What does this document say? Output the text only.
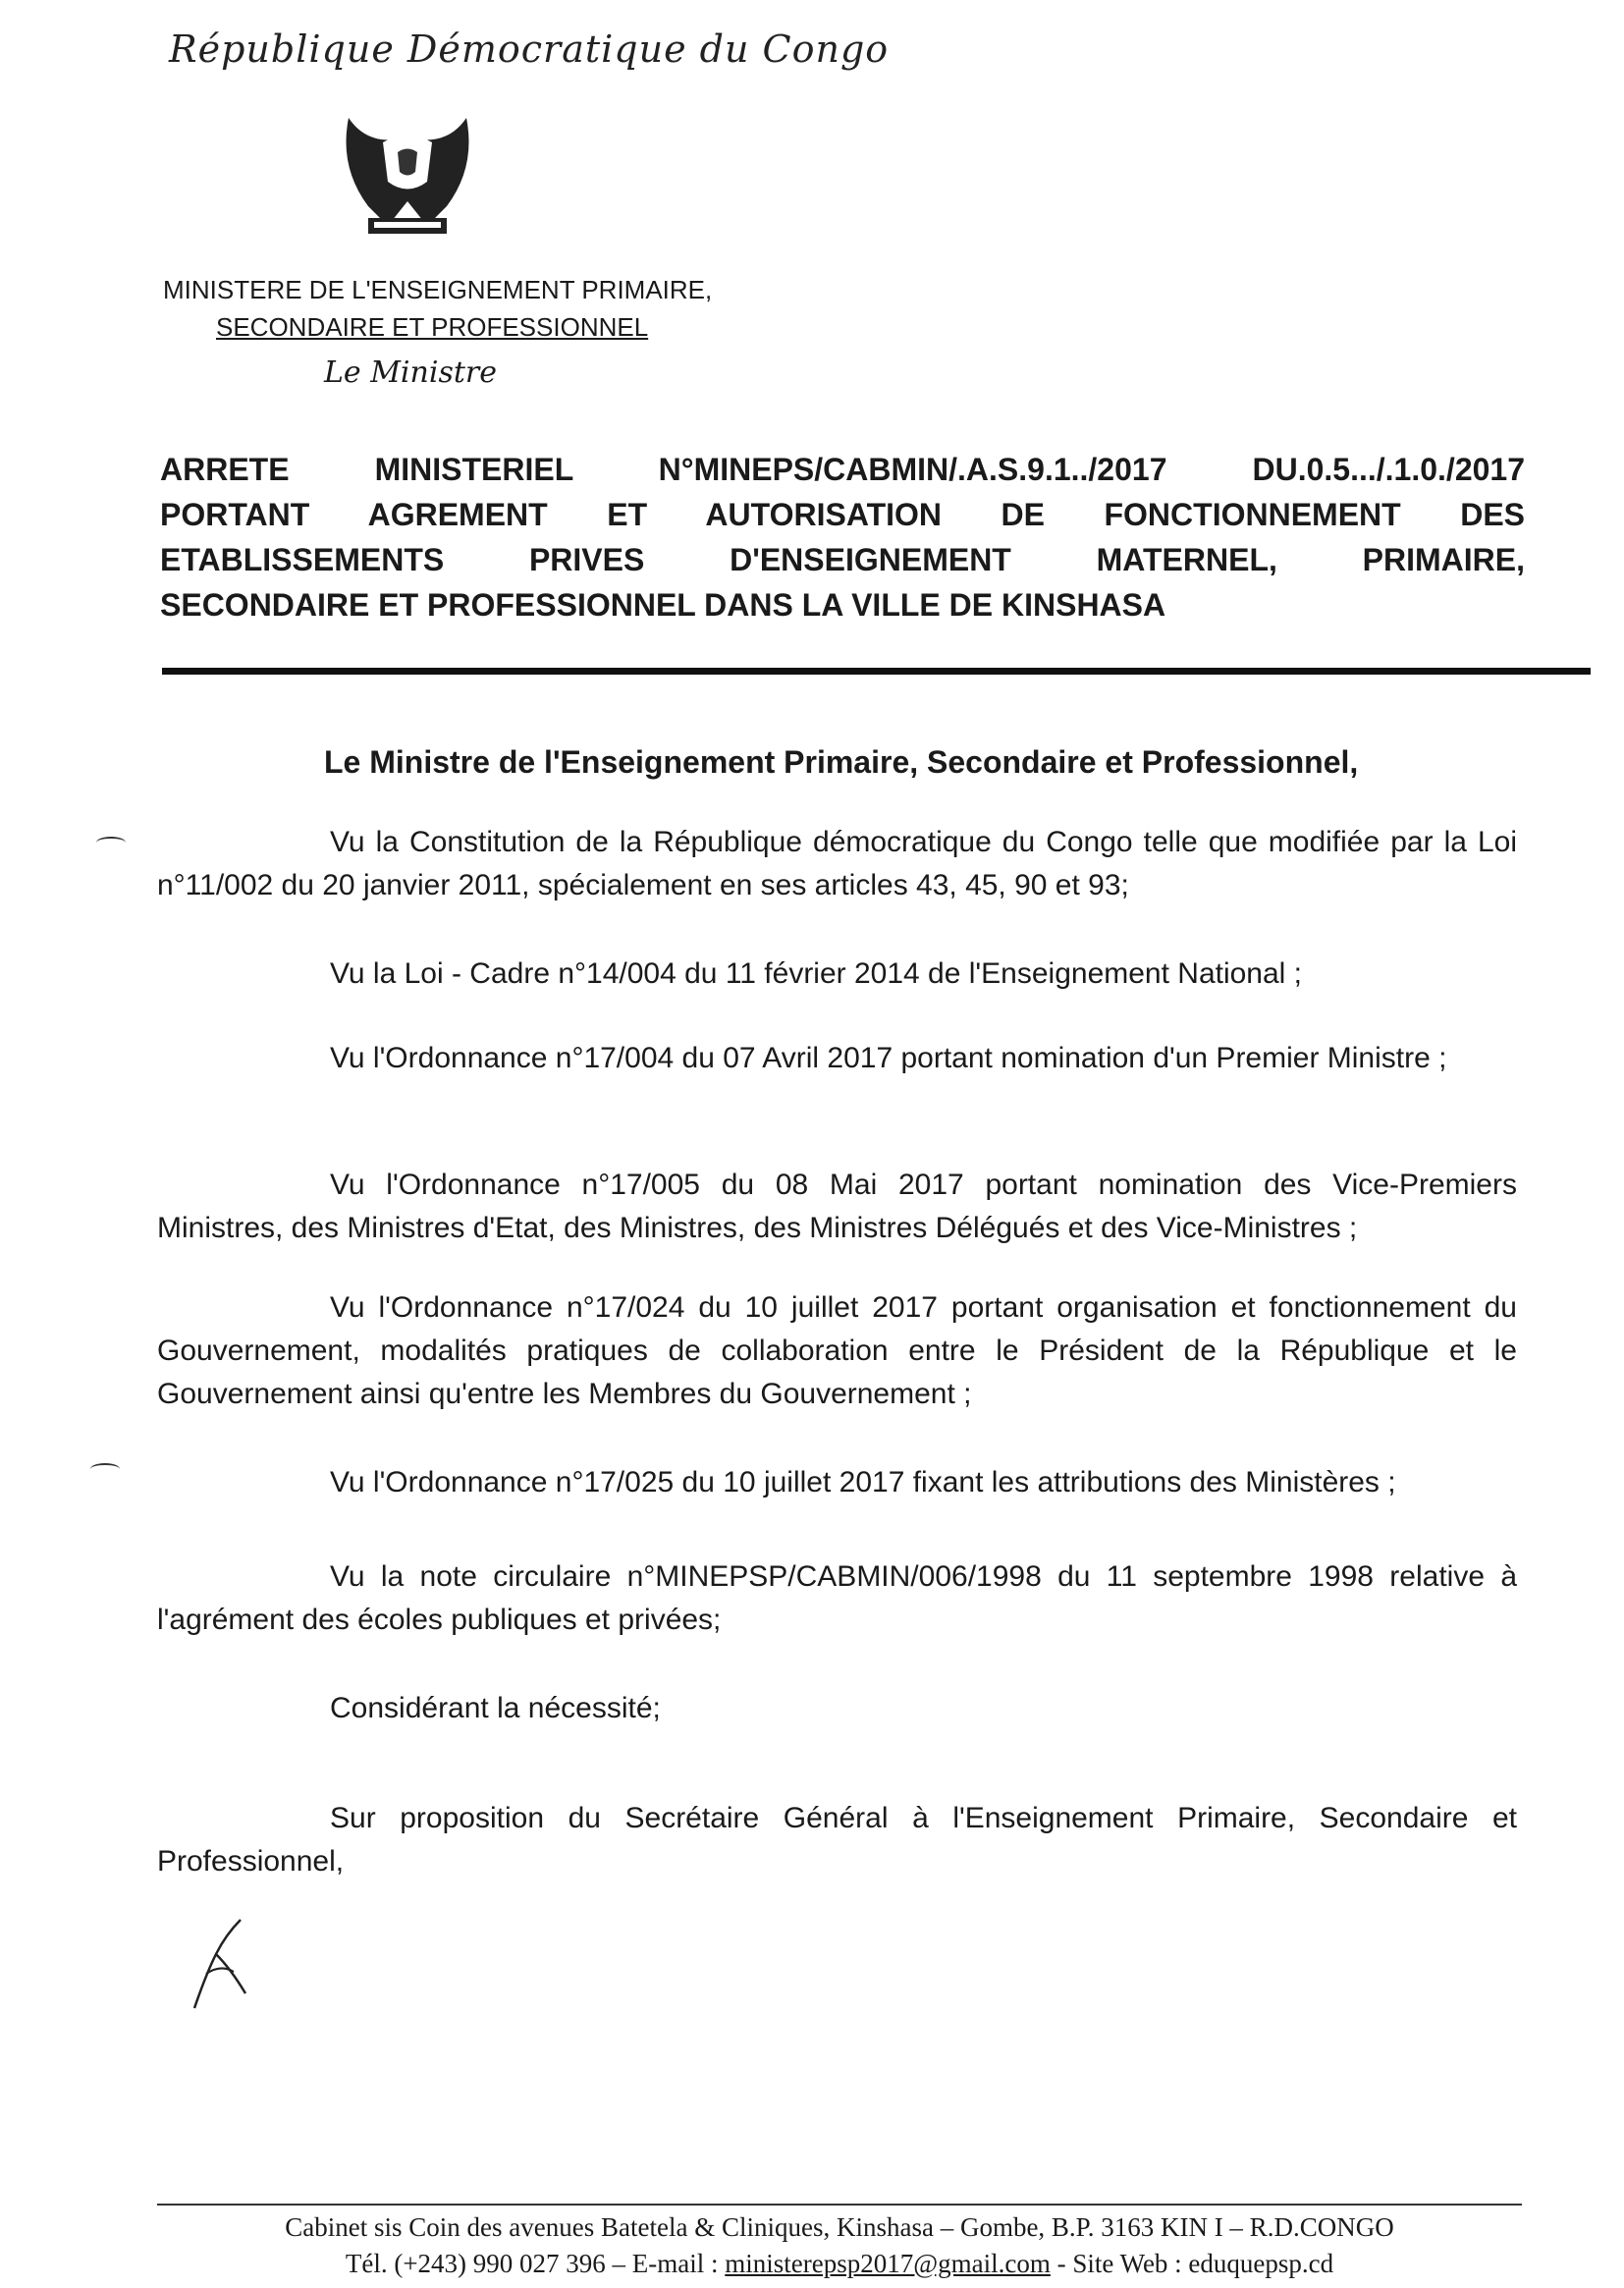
République Démocratique du Congo
MINISTERE DE L'ENSEIGNEMENT PRIMAIRE,
SECONDAIRE ET PROFESSIONNEL
Le Ministre
ARRETE MINISTERIEL N°MINEPS/CABMIN/.A.S.9.1../2017 DU.0.5.../.1.0./2017
PORTANT AGREMENT ET AUTORISATION DE FONCTIONNEMENT DES
ETABLISSEMENTS PRIVES D'ENSEIGNEMENT MATERNEL, PRIMAIRE,
SECONDAIRE ET PROFESSIONNEL DANS LA VILLE DE KINSHASA
Le Ministre de l'Enseignement Primaire, Secondaire et Professionnel,
Vu la Constitution de la République démocratique du Congo telle que modifiée par la Loi n°11/002 du 20 janvier 2011, spécialement en ses articles 43, 45, 90 et 93;
Vu la Loi - Cadre n°14/004 du 11 février 2014 de l'Enseignement National ;
Vu l'Ordonnance n°17/004 du 07 Avril 2017 portant nomination d'un Premier Ministre ;
Vu l'Ordonnance n°17/005 du 08 Mai 2017 portant nomination des Vice-Premiers Ministres, des Ministres d'Etat, des Ministres, des Ministres Délégués et des Vice-Ministres ;
Vu l'Ordonnance n°17/024 du 10 juillet 2017 portant organisation et fonctionnement du Gouvernement, modalités pratiques de collaboration entre le Président de la République et le Gouvernement ainsi qu'entre les Membres du Gouvernement ;
Vu l'Ordonnance n°17/025 du 10 juillet 2017 fixant les attributions des Ministères ;
Vu la note circulaire n°MINEPSP/CABMIN/006/1998 du 11 septembre 1998 relative à l'agrément des écoles publiques et privées;
Considérant la nécessité;
Sur proposition du Secrétaire Général à l'Enseignement Primaire, Secondaire et Professionnel,
Cabinet sis Coin des avenues Batetela & Cliniques, Kinshasa – Gombe, B.P. 3163 KIN I – R.D.CONGO
Tél. (+243) 990 027 396 – E-mail : ministerepsp2017@gmail.com - Site Web : eduquepsp.cd
